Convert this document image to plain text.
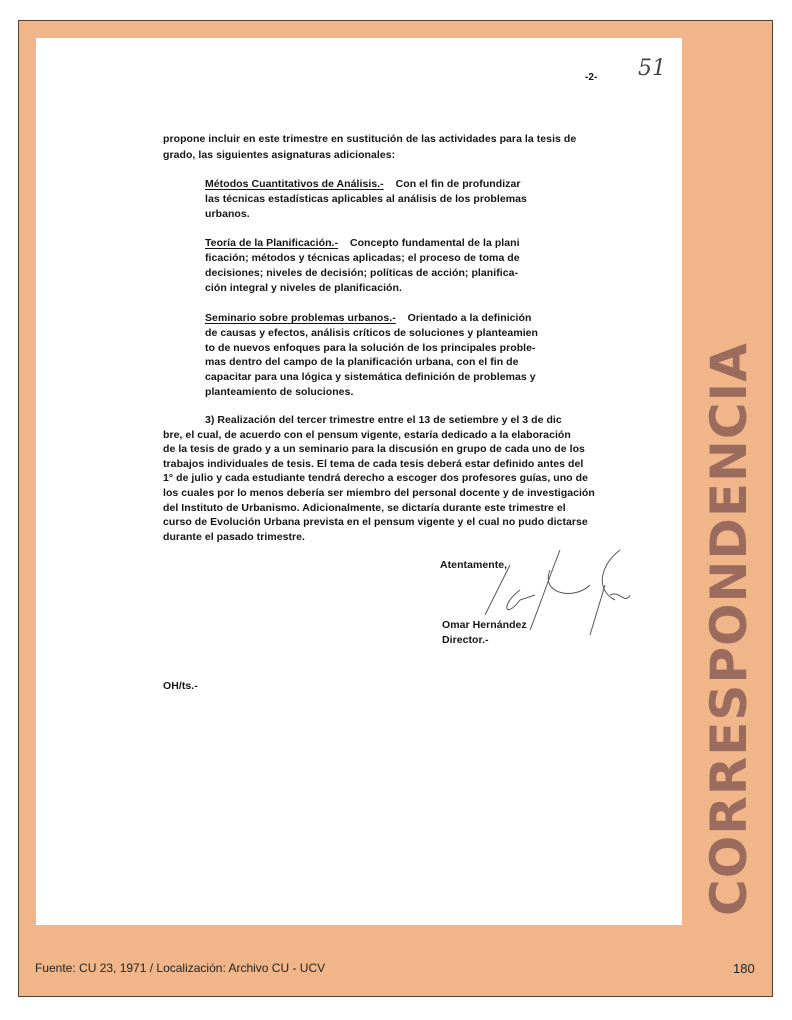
-2- 51
propone incluir en este trimestre en sustitución de las actividades para la tesis de
grado, las siguientes asignaturas adicionales:
Métodos Cuantitativos de Análisis.- Con el fin de profundizar
las técnicas estadísticas aplicables al análisis de los problemas
urbanos.
Teoría de la Planificación.- Concepto fundamental de la plani
ficación; métodos y técnicas aplicadas; el proceso de toma de
decisiones; niveles de decisión; políticas de acción; planifica-
ción integral y niveles de planificación.
Seminario sobre problemas urbanos.- Orientado a la definición
de causas y efectos, análisis críticos de soluciones y planteamien
to de nuevos enfoques para la solución de los principales proble-
mas dentro del campo de la planificación urbana, con el fin de
capacitar para una lógica y sistemática definición de problemas y
planteamiento de soluciones.
3) Realización del tercer trimestre entre el 13 de setiembre y el 3 de dic
bre, el cual, de acuerdo con el pensum vigente, estaría dedicado a la elaboración
de la tesis de grado y a un seminario para la discusión en grupo de cada uno de los
trabajos individuales de tesis. El tema de cada tesis deberá estar definido antes del
1° de julio y cada estudiante tendrá derecho a escoger dos profesores guías, uno de
los cuales por lo menos debería ser miembro del personal docente y de investigación
del Instituto de Urbanismo. Adicionalmente, se dictaría durante este trimestre el
curso de Evolución Urbana prevista en el pensum vigente y el cual no pudo dictarse
durante el pasado trimestre.
Atentamente,
Omar Hernández
Director.-
OH/ts.-	CORRESPONDENCIA
Fuente: CU 23, 1971 / Localización: Archivo CU - UCV	180
